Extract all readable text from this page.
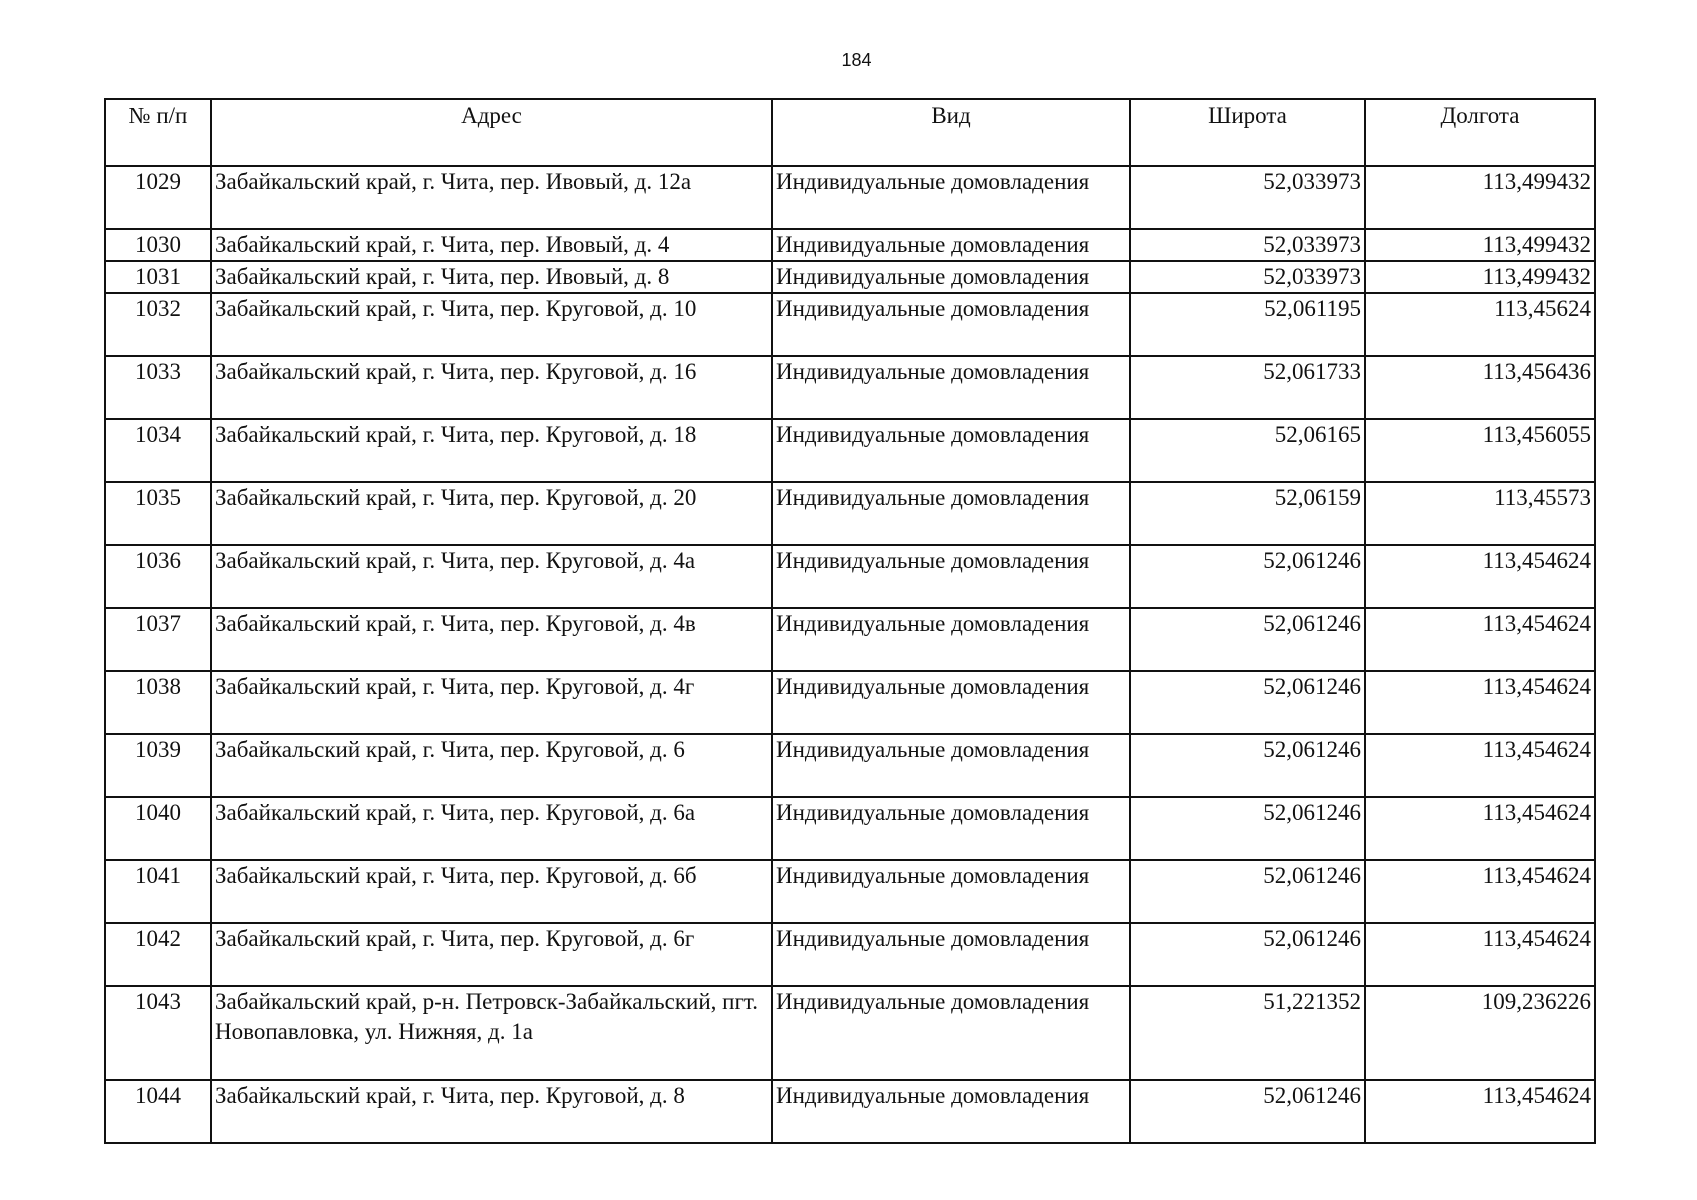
184
№ п/п	Адрес	Вид	Широта	Долгота
1029	Забайкальский край, г. Чита, пер. Ивовый, д. 12а	Индивидуальные домовладения	52,033973	113,499432
1030	Забайкальский край, г. Чита, пер. Ивовый, д. 4	Индивидуальные домовладения	52,033973	113,499432
1031	Забайкальский край, г. Чита, пер. Ивовый, д. 8	Индивидуальные домовладения	52,033973	113,499432
1032	Забайкальский край, г. Чита, пер. Круговой, д. 10	Индивидуальные домовладения	52,061195	113,45624
1033	Забайкальский край, г. Чита, пер. Круговой, д. 16	Индивидуальные домовладения	52,061733	113,456436
1034	Забайкальский край, г. Чита, пер. Круговой, д. 18	Индивидуальные домовладения	52,06165	113,456055
1035	Забайкальский край, г. Чита, пер. Круговой, д. 20	Индивидуальные домовладения	52,06159	113,45573
1036	Забайкальский край, г. Чита, пер. Круговой, д. 4а	Индивидуальные домовладения	52,061246	113,454624
1037	Забайкальский край, г. Чита, пер. Круговой, д. 4в	Индивидуальные домовладения	52,061246	113,454624
1038	Забайкальский край, г. Чита, пер. Круговой, д. 4г	Индивидуальные домовладения	52,061246	113,454624
1039	Забайкальский край, г. Чита, пер. Круговой, д. 6	Индивидуальные домовладения	52,061246	113,454624
1040	Забайкальский край, г. Чита, пер. Круговой, д. 6а	Индивидуальные домовладения	52,061246	113,454624
1041	Забайкальский край, г. Чита, пер. Круговой, д. 6б	Индивидуальные домовладения	52,061246	113,454624
1042	Забайкальский край, г. Чита, пер. Круговой, д. 6г	Индивидуальные домовладения	52,061246	113,454624
1043	Забайкальский край, р-н. Петровск-Забайкальский, пгт. Новопавловка, ул. Нижняя, д. 1а	Индивидуальные домовладения	51,221352	109,236226
1044	Забайкальский край, г. Чита, пер. Круговой, д. 8	Индивидуальные домовладения	52,061246	113,454624
